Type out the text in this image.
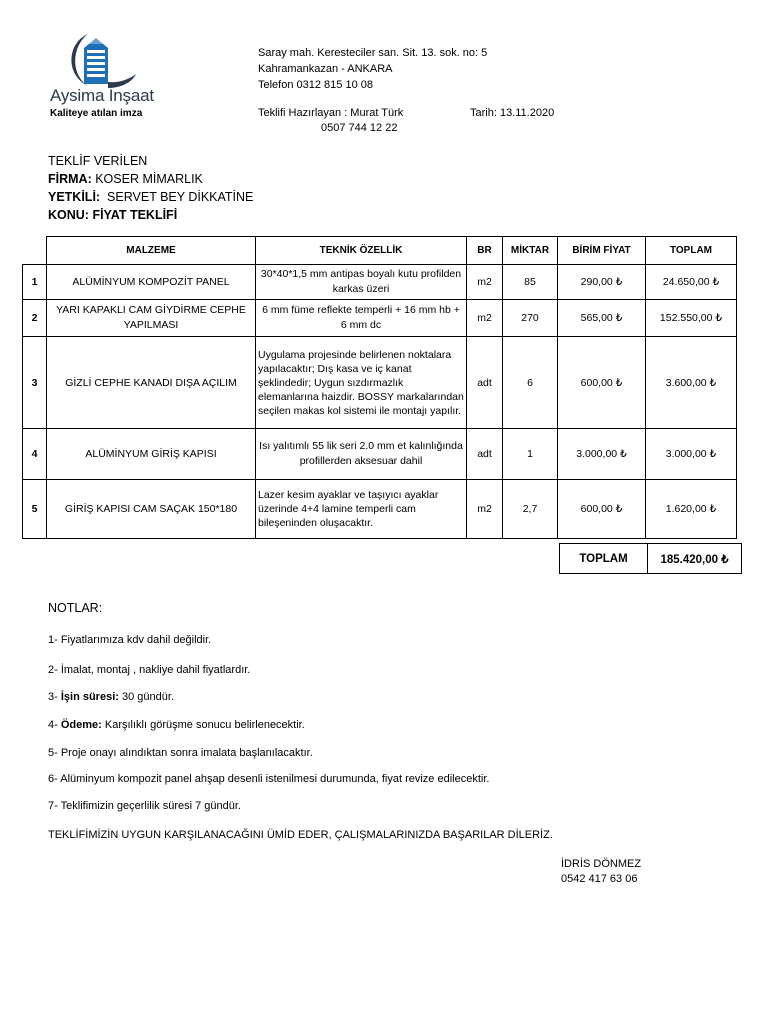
Aysima İnşaat
Kaliteye atılan imza
Saray mah. Keresteciler san. Sit. 13. sok. no: 5
Kahramankazan - ANKARA
Telefon 0312 815 10 08
Teklifi Hazırlayan : Murat Türk
0507 744 12 22
Tarih: 13.11.2020
TEKLİF VERİLEN
FİRMA: KOSER MİMARLIK
YETKİLİ:  SERVET BEY DİKKATİNE
KONU: FİYAT TEKLİFİ
	MALZEME	TEKNİK ÖZELLİK	BR	MİKTAR	BİRİM FİYAT	TOPLAM
1	ALÜMİNYUM KOMPOZİT PANEL	30*40*1,5 mm antipas boyalı kutu profilden karkas üzeri	m2	85	290,00 ₺	24.650,00 ₺
2	YARI KAPAKLI CAM GİYDİRME CEPHE YAPILMASI	6 mm füme reflekte temperli + 16 mm hb + 6 mm dc	m2	270	565,00 ₺	152.550,00 ₺
3	GİZLİ CEPHE KANADI DIŞA AÇILIM	Uygulama projesinde belirlenen noktalara yapılacaktır; Dış kasa ve iç kanat şeklindedir; Uygun sızdırmazlık elemanlarına haizdir. BOSSY markalarından seçilen makas kol sistemi ile montajı yapılır.	adt	6	600,00 ₺	3.600,00 ₺
4	ALÜMİNYUM GİRİŞ KAPISI	Isı yalıtımlı 55 lik seri 2.0 mm et kalınlığında profillerden aksesuar dahil	adt	1	3.000,00 ₺	3.000,00 ₺
5	GİRİŞ KAPISI CAM SAÇAK 150*180	Lazer kesim ayaklar ve taşıyıcı ayaklar üzerinde 4+4 lamine temperli cam bileşeninden oluşacaktır.	m2	2,7	600,00 ₺	1.620,00 ₺
TOPLAM	185.420,00 ₺
NOTLAR:
1- Fiyatlarımıza kdv dahil değildir.
2- İmalat, montaj , nakliye dahil fiyatlardır.
3- İşin süresi: 30 gündür.
4- Ödeme: Karşılıklı görüşme sonucu belirlenecektir.
5- Proje onayı alındıktan sonra imalata başlanılacaktır.
6- Alüminyum kompozit panel ahşap desenli istenilmesi durumunda, fiyat revize edilecektir.
7- Teklifimizin geçerlilik süresi 7 gündür.
TEKLİFİMİZİN UYGUN KARŞILANACAĞINI ÜMİD EDER, ÇALIŞMALARINIZDA BAŞARILAR DİLERİZ.
İDRİS DÖNMEZ
0542 417 63 06
